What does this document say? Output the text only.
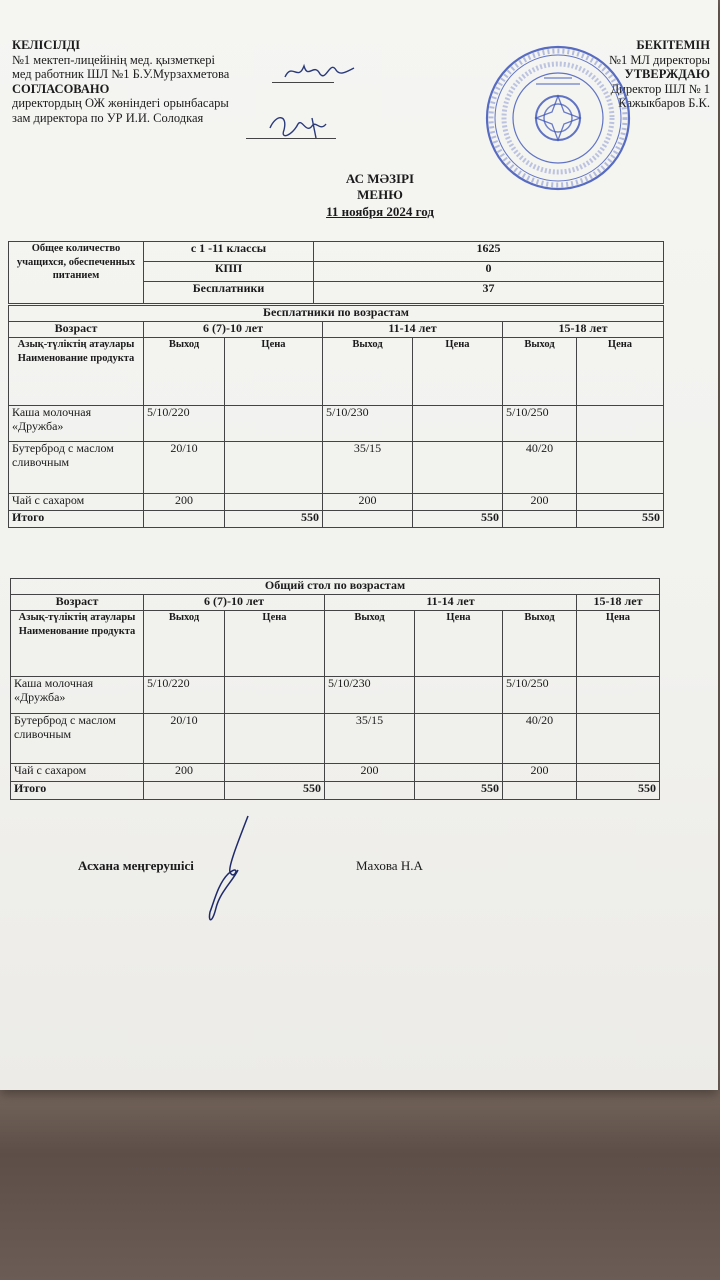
КЕЛІСІЛДІ
№1 мектеп-лицейінің мед. қызметкері
мед работник ШЛ №1 Б.У.Мурзахметова
СОГЛАСОВАНО
директордың ОЖ жөніндегі орынбасары
зам директора по УР И.И. Солодкая
БЕКІТЕМІН
№1 МЛ директоры
УТВЕРЖДАЮ
Директор ШЛ № 1
Кажыкбаров Б.К.
АС МӘЗІРІ
МЕНЮ
11 ноября 2024 год
Общее количество учащихся, обеспеченных питанием	с 1 -11 классы	1625
	КПП	0
	Бесплатники	37
Бесплатники по возрастам						
Возраст	6 (7)-10 лет		11-14 лет		15-18 лет	
Азық-түліктің атаулары Наименование продукта	Выход	Цена	Выход	Цена	Выход	Цена
Каша молочная «Дружба»	5/10/220		5/10/230		5/10/250	
Бутерброд с маслом сливочным	20/10		35/15		40/20	
Чай с сахаром	200		200		200	
Итого		550		550		550
Общий стол по возрастам						
Возраст	6 (7)-10 лет		11-14 лет			15-18 лет
Азық-түліктің атаулары Наименование продукта	Выход	Цена	Выход	Цена	Выход	Цена
Каша молочная «Дружба»	5/10/220		5/10/230		5/10/250	
Бутерброд с маслом сливочным	20/10		35/15		40/20	
Чай с сахаром	200		200		200	
Итого		550		550		550
Асхана меңгерушісі	Махова Н.А
